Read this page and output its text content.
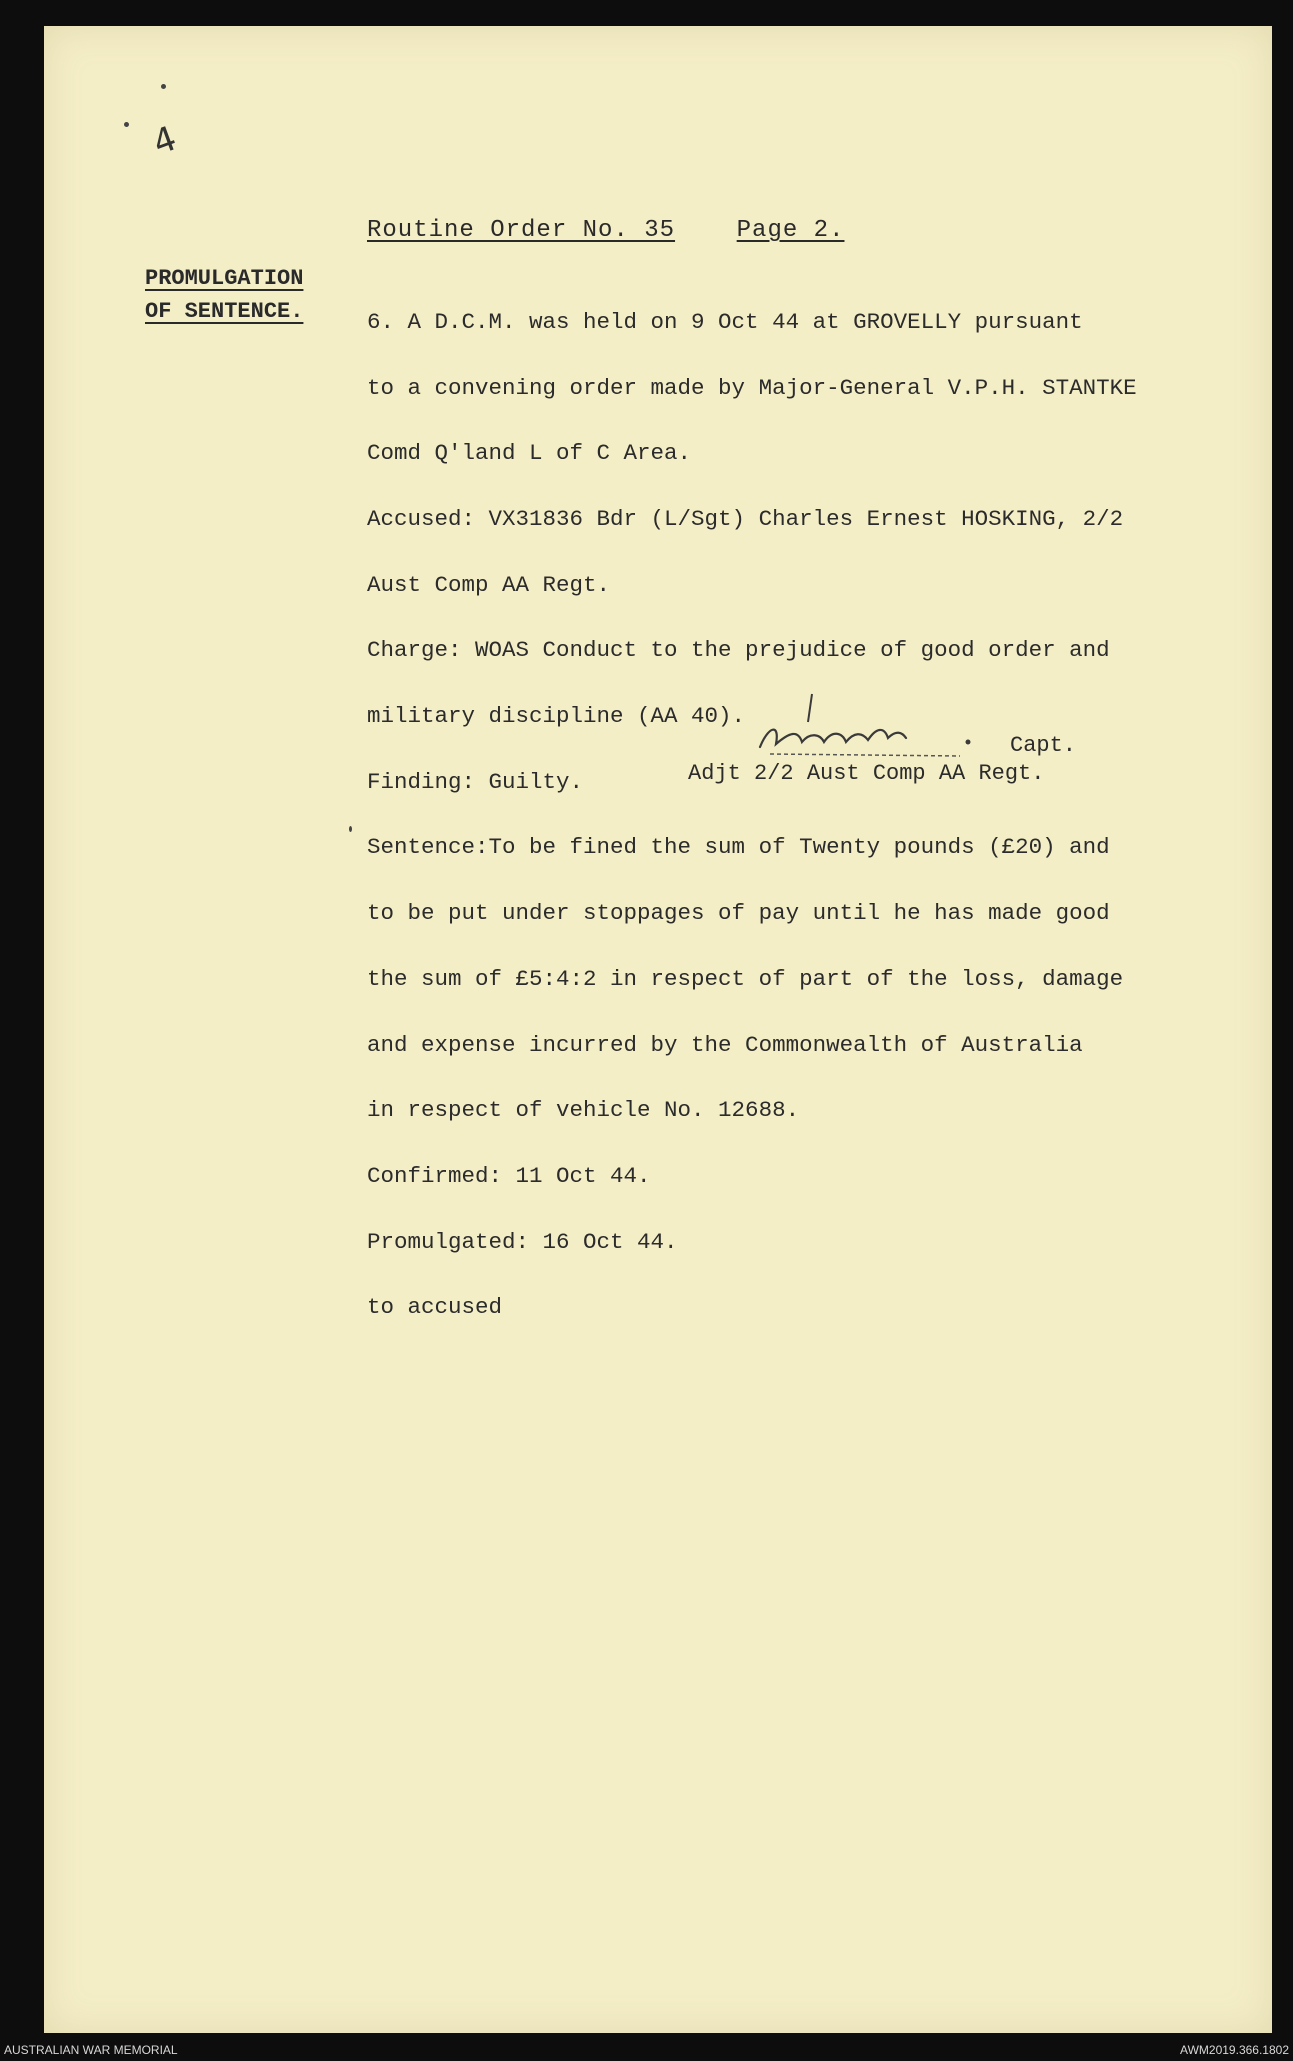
4
Routine Order No. 35	Page 2.
PROMULGATION
OF SENTENCE.

	6. A D.C.M. was held on 9 Oct 44 at GROVELLY pursuant

to a convening order made by Major-General V.P.H. STANTKE

Comd Q'land L of C Area.

Accused: VX31836 Bdr (L/Sgt) Charles Ernest HOSKING, 2/2

Aust Comp AA Regt.

Charge: WOAS Conduct to the prejudice of good order and

military discipline (AA 40).

Finding: Guilty.

Sentence:To be fined the sum of Twenty pounds (£20) and

to be put under stoppages of pay until he has made good

the sum of £5:4:2 in respect of part of the loss, damage

and expense incurred by the Commonwealth of Australia

in respect of vehicle No. 12688.

Confirmed: 11 Oct 44.

Promulgated: 16 Oct 44.

to accused

Capt.
Adjt 2/2 Aust Comp AA Regt.
AUSTRALIAN WAR MEMORIAL	AWM2019.366.1802
